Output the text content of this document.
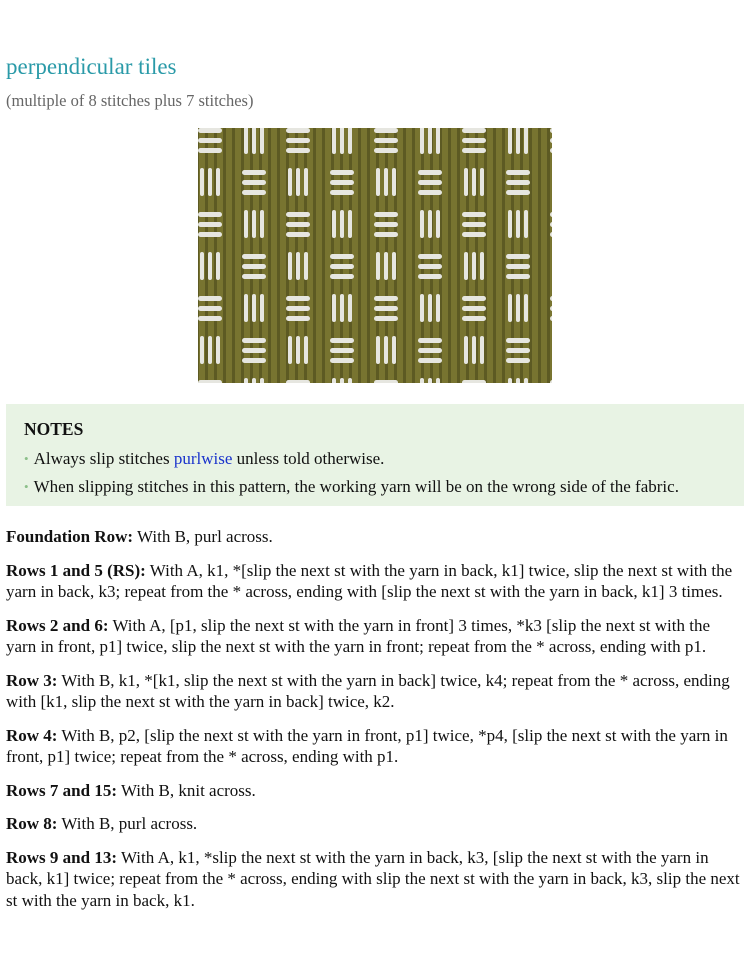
perpendicular tiles
(multiple of 8 stitches plus 7 stitches)
NOTES
• Always slip stitches purlwise unless told otherwise.
• When slipping stitches in this pattern, the working yarn will be on the wrong side of the fabric.

Foundation Row: With B, purl across.

Rows 1 and 5 (RS): With A, k1, *[slip the next st with the yarn in back, k1] twice, slip the next st with the yarn in back, k3; repeat from the * across, ending with [slip the next st with the yarn in back, k1] 3 times.

Rows 2 and 6: With A, [p1, slip the next st with the yarn in front] 3 times, *k3 [slip the next st with the yarn in front, p1] twice, slip the next st with the yarn in front; repeat from the * across, ending with p1.

Row 3: With B, k1, *[k1, slip the next st with the yarn in back] twice, k4; repeat from the * across, ending with [k1, slip the next st with the yarn in back] twice, k2.

Row 4: With B, p2, [slip the next st with the yarn in front, p1] twice, *p4, [slip the next st with the yarn in front, p1] twice; repeat from the * across, ending with p1.

Rows 7 and 15: With B, knit across.

Row 8: With B, purl across.

Rows 9 and 13: With A, k1, *slip the next st with the yarn in back, k3, [slip the next st with the yarn in back, k1] twice; repeat from the * across, ending with slip the next st with the yarn in back, k3, slip the next st with the yarn in back, k1.
